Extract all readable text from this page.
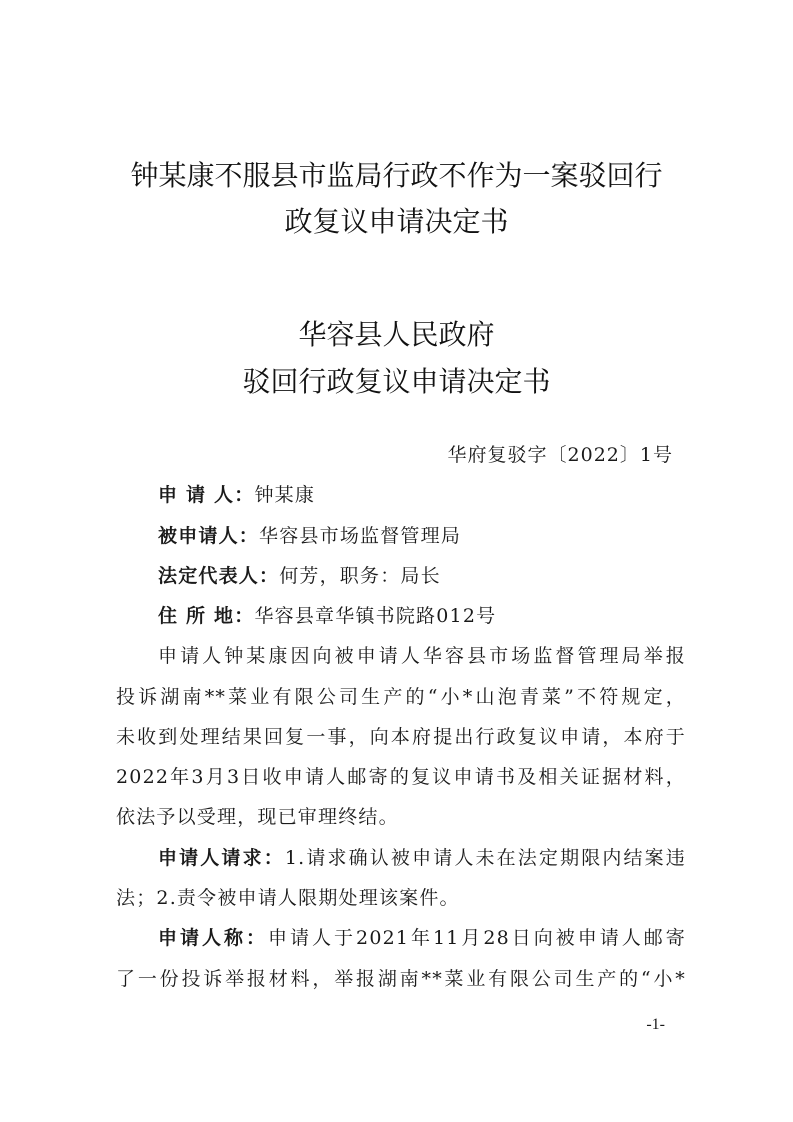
钟某康不服县市监局行政不作为一案驳回行
政复议申请决定书
华容县人民政府
驳回行政复议申请决定书
华府复驳字〔2022〕1号
申 请 人：钟某康
被申请人：华容县市场监督管理局
法定代表人：何芳，职务：局长
住 所 地：华容县章华镇书院路012号
申请人钟某康因向被申请人华容县市场监督管理局举报
投诉湖南**菜业有限公司生产的“小*山泡青菜”不符规定，
未收到处理结果回复一事，向本府提出行政复议申请，本府于
2022年3月3日收申请人邮寄的复议申请书及相关证据材料，
依法予以受理，现已审理终结。
申请人请求：1.请求确认被申请人未在法定期限内结案违
法；2.责令被申请人限期处理该案件。
申请人称：申请人于2021年11月28日向被申请人邮寄
了一份投诉举报材料，举报湖南**菜业有限公司生产的“小*
-1-
